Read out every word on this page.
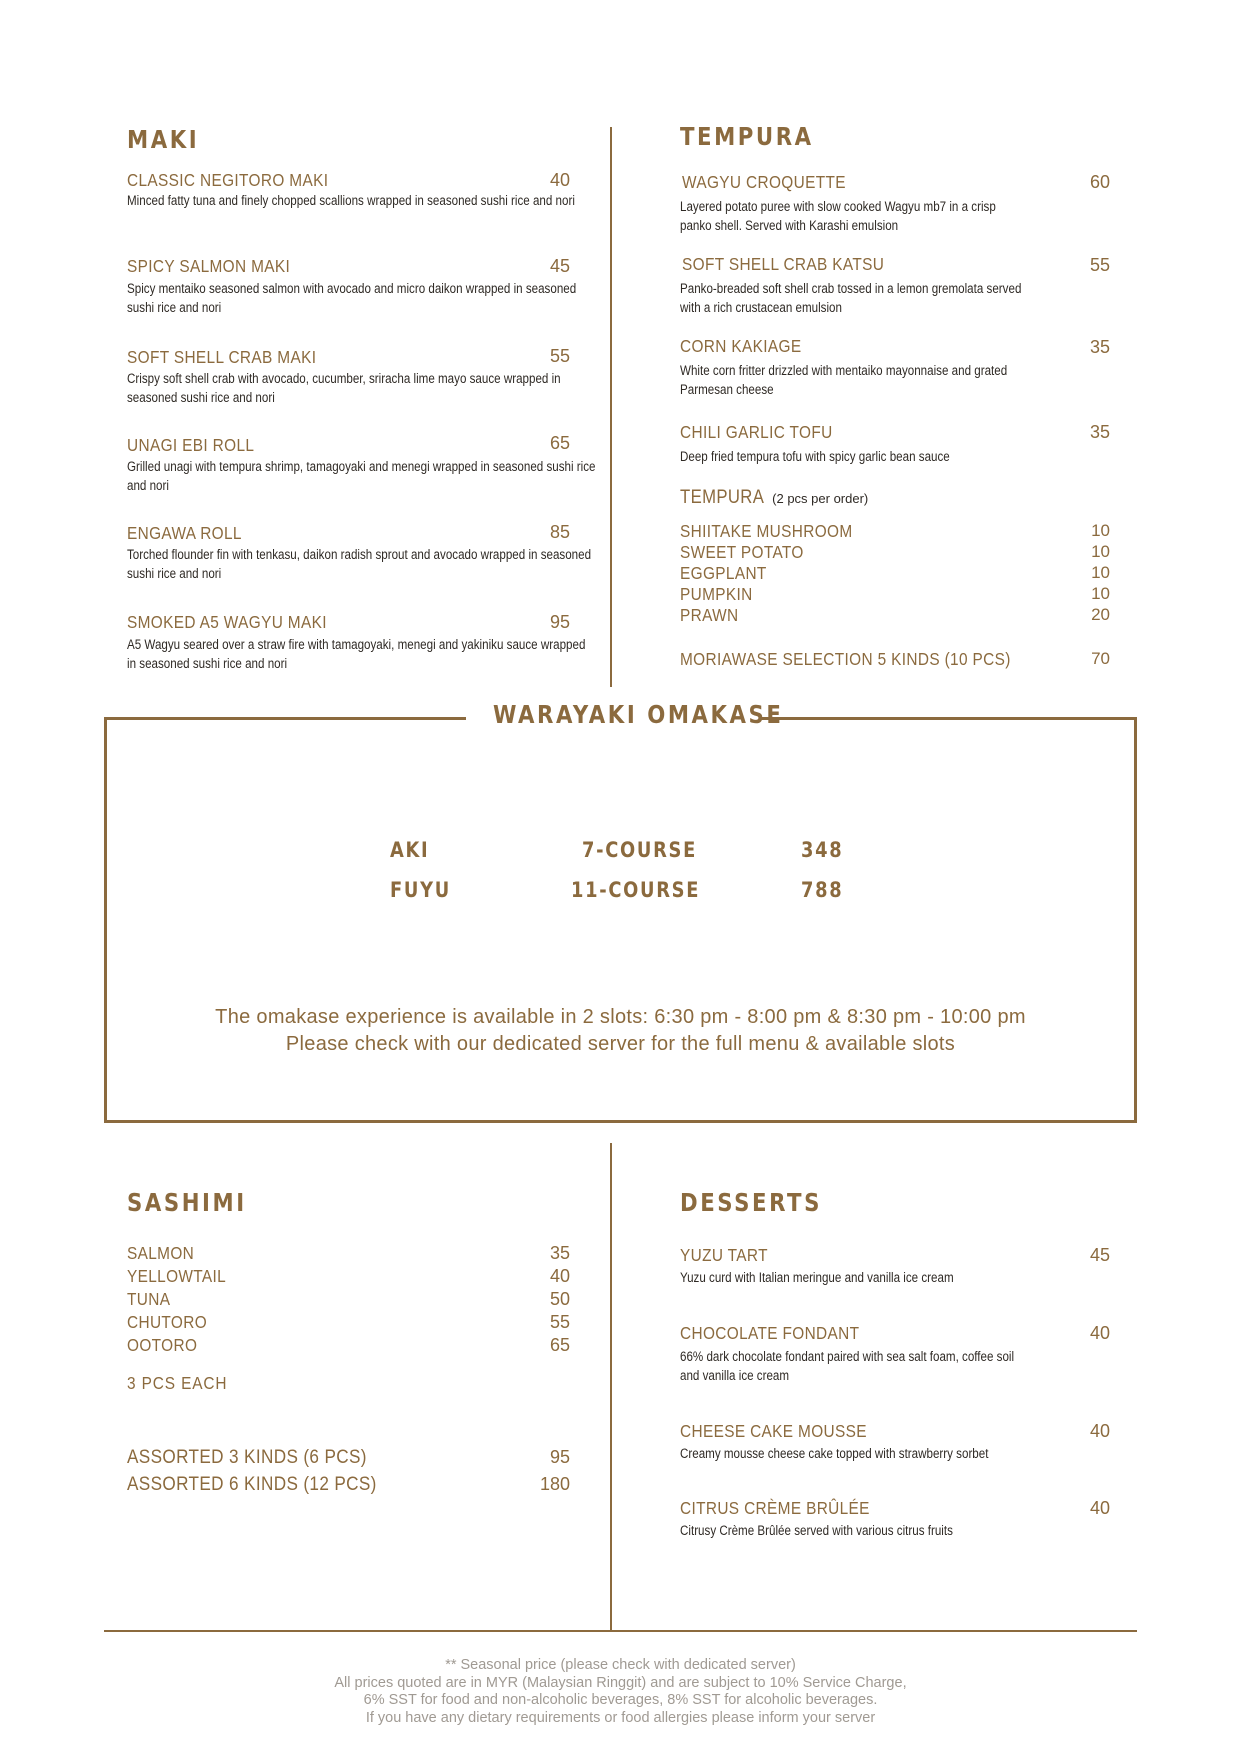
MAKI
CLASSIC NEGITORO MAKI	40
Minced fatty tuna and finely chopped scallions wrapped in seasoned sushi rice and nori
SPICY SALMON MAKI	45
Spicy mentaiko seasoned salmon with avocado and micro daikon wrapped in seasoned sushi rice and nori
SOFT SHELL CRAB MAKI	55
Crispy soft shell crab with avocado, cucumber, sriracha lime mayo sauce wrapped in seasoned sushi rice and nori
UNAGI EBI ROLL	65
Grilled unagi with tempura shrimp, tamagoyaki and menegi wrapped in seasoned sushi rice and nori
ENGAWA ROLL	85
Torched flounder fin with tenkasu, daikon radish sprout and avocado wrapped in seasoned sushi rice and nori
SMOKED A5 WAGYU MAKI	95
A5 Wagyu seared over a straw fire with tamagoyaki, menegi and yakiniku sauce wrapped in seasoned sushi rice and nori
TEMPURA
WAGYU CROQUETTE	60
Layered potato puree with slow cooked Wagyu mb7 in a crisp panko shell. Served with Karashi emulsion
SOFT SHELL CRAB KATSU	55
Panko-breaded soft shell crab tossed in a lemon gremolata served with a rich crustacean emulsion
CORN KAKIAGE	35
White corn fritter drizzled with mentaiko mayonnaise and grated Parmesan cheese
CHILI GARLIC TOFU	35
Deep fried tempura tofu with spicy garlic bean sauce
TEMPURA (2 pcs per order)
SHIITAKE MUSHROOM	10
SWEET POTATO	10
EGGPLANT	10
PUMPKIN	10
PRAWN	20
MORIAWASE SELECTION 5 KINDS (10 PCS)	70
WARAYAKI OMAKASE
AKI	7-COURSE	348
FUYU	11-COURSE	788
The omakase experience is available in 2 slots: 6:30 pm - 8:00 pm & 8:30 pm - 10:00 pm
Please check with our dedicated server for the full menu & available slots
SASHIMI
SALMON	35
YELLOWTAIL	40
TUNA	50
CHUTORO	55
OOTORO	65
3 PCS EACH
ASSORTED 3 KINDS (6 PCS)	95
ASSORTED 6 KINDS (12 PCS)	180
DESSERTS
YUZU TART	45
Yuzu curd with Italian meringue and vanilla ice cream
CHOCOLATE FONDANT	40
66% dark chocolate fondant paired with sea salt foam, coffee soil and vanilla ice cream
CHEESE CAKE MOUSSE	40
Creamy mousse cheese cake topped with strawberry sorbet
CITRUS CRÈME BRÛLÉE	40
Citrusy Crème Brûlée served with various citrus fruits
** Seasonal price (please check with dedicated server)
All prices quoted are in MYR (Malaysian Ringgit) and are subject to 10% Service Charge,
6% SST for food and non-alcoholic beverages, 8% SST for alcoholic beverages.
If you have any dietary requirements or food allergies please inform your server
